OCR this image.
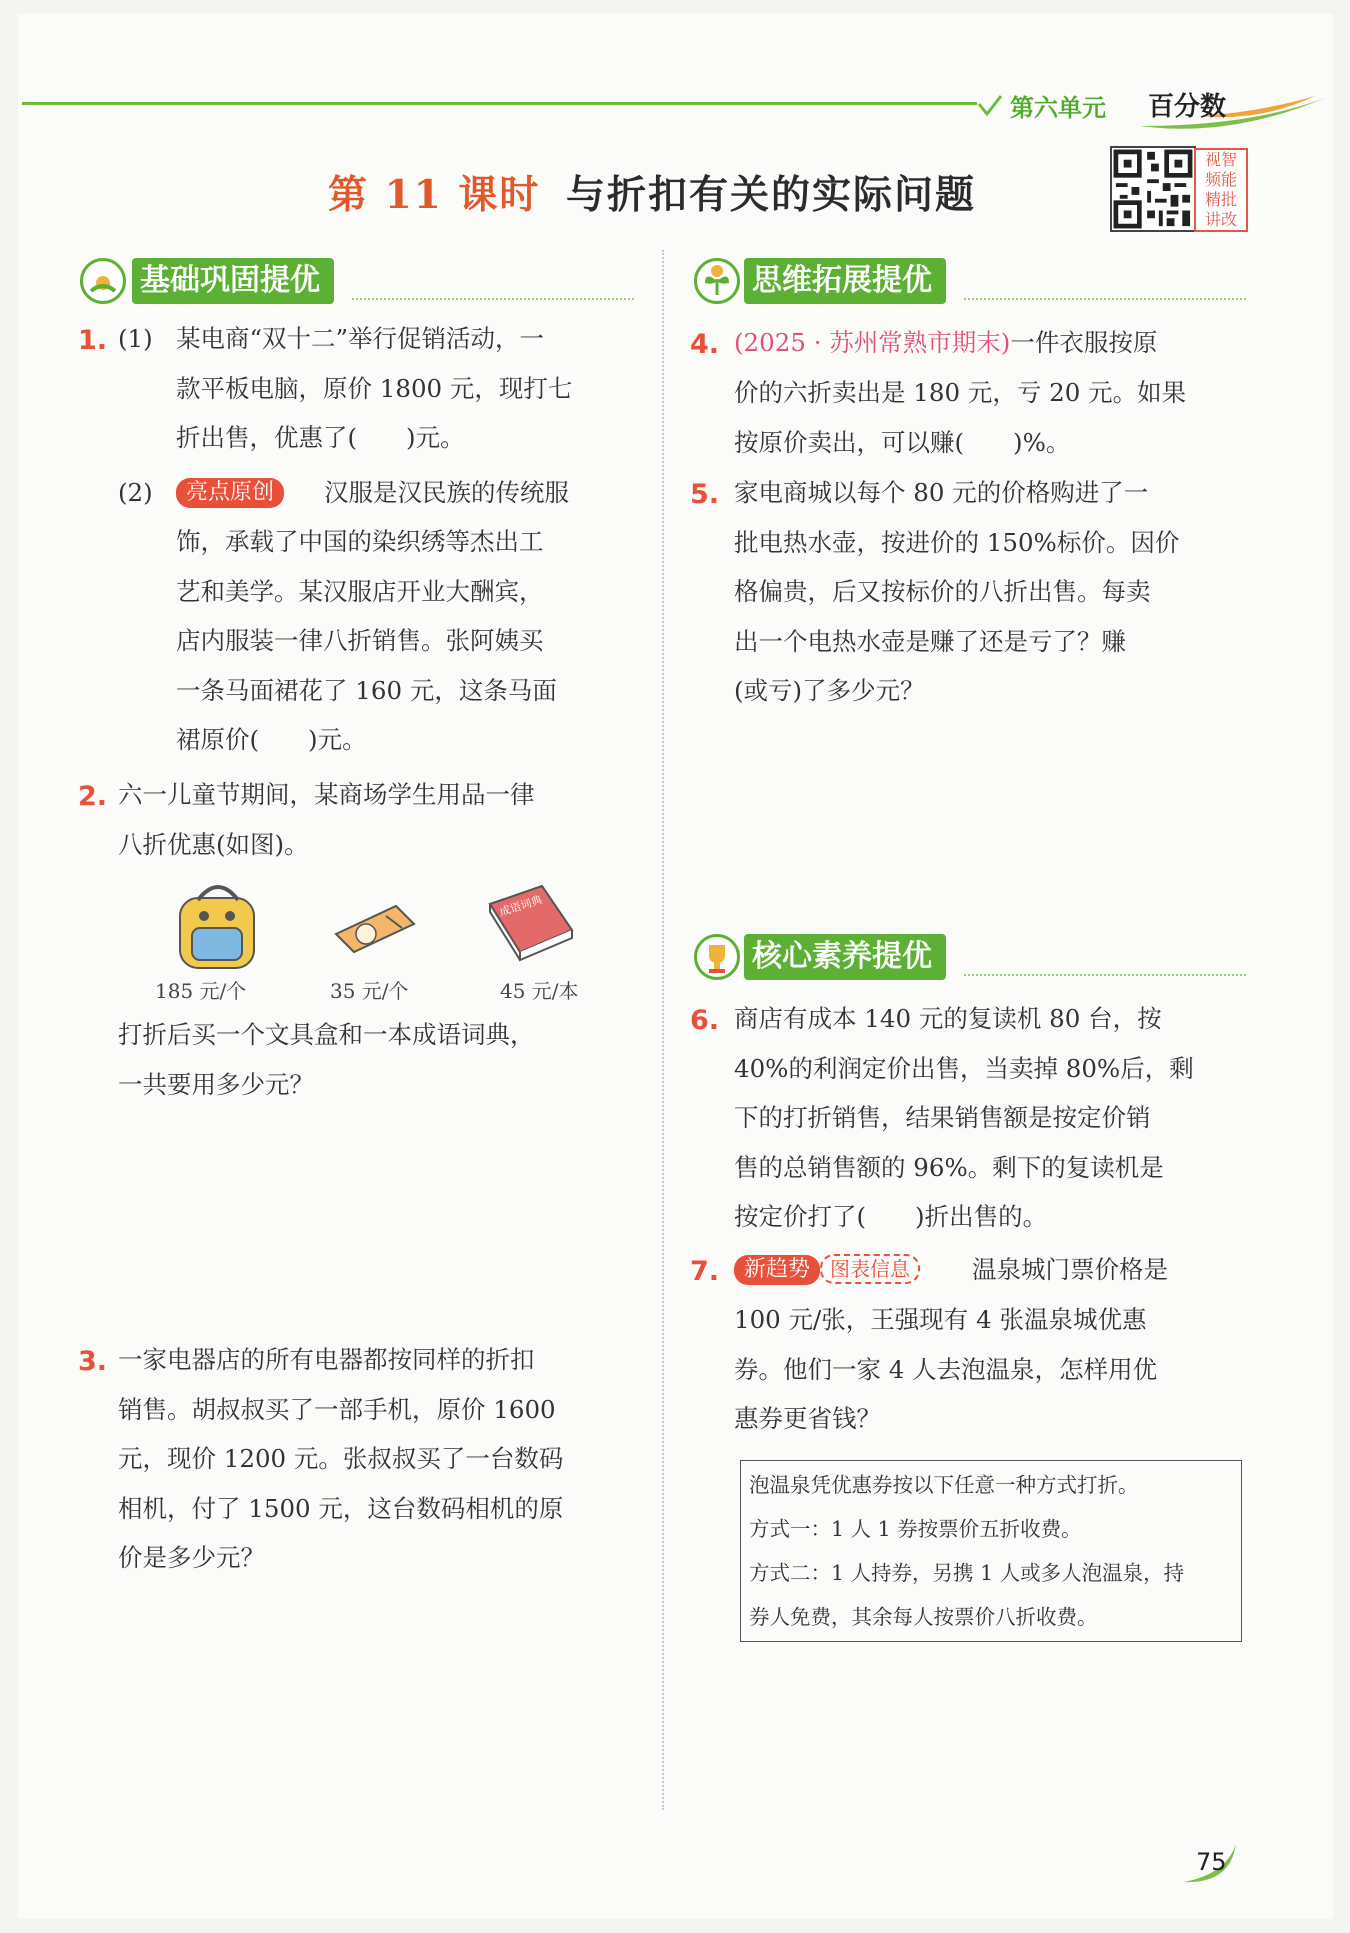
第六单元 百分数
第 11 课时 与折扣有关的实际问题
视智
频能
精批
讲改
基础巩固提优
1. (1) 某电商“双十二”举行促销活动，一
款平板电脑，原价 1800 元，现打七
折出售，优惠了(　　)元。
(2)	亮点原创	汉服是汉民族的传统服
饰，承载了中国的染织绣等杰出工
艺和美学。某汉服店开业大酬宾，
店内服装一律八折销售。张阿姨买
一条马面裙花了 160 元，这条马面
裙原价(　　)元。
2. 六一儿童节期间，某商场学生用品一律
八折优惠(如图)。
成语词典
185 元/个	35 元/个	45 元/本
打折后买一个文具盒和一本成语词典，
一共要用多少元？
3. 一家电器店的所有电器都按同样的折扣
销售。胡叔叔买了一部手机，原价 1600
元，现价 1200 元。张叔叔买了一台数码
相机，付了 1500 元，这台数码相机的原
价是多少元？
思维拓展提优
4. (2025 · 苏州常熟市期末)一件衣服按原
价的六折卖出是 180 元，亏 20 元。如果
按原价卖出，可以赚(　　)%。
5. 家电商城以每个 80 元的价格购进了一
批电热水壶，按进价的 150%标价。因价
格偏贵，后又按标价的八折出售。每卖
出一个电热水壶是赚了还是亏了？赚
(或亏)了多少元？
核心素养提优
6. 商店有成本 140 元的复读机 80 台，按
40%的利润定价出售，当卖掉 80%后，剩
下的打折销售，结果销售额是按定价销
售的总销售额的 96%。剩下的复读机是
按定价打了(　　)折出售的。
7.	新趋势 图表信息	温泉城门票价格是
100 元/张，王强现有 4 张温泉城优惠
券。他们一家 4 人去泡温泉，怎样用优
惠券更省钱？
泡温泉凭优惠券按以下任意一种方式打折。
方式一：1 人 1 券按票价五折收费。
方式二：1 人持券，另携 1 人或多人泡温泉，持
券人免费，其余每人按票价八折收费。
75
